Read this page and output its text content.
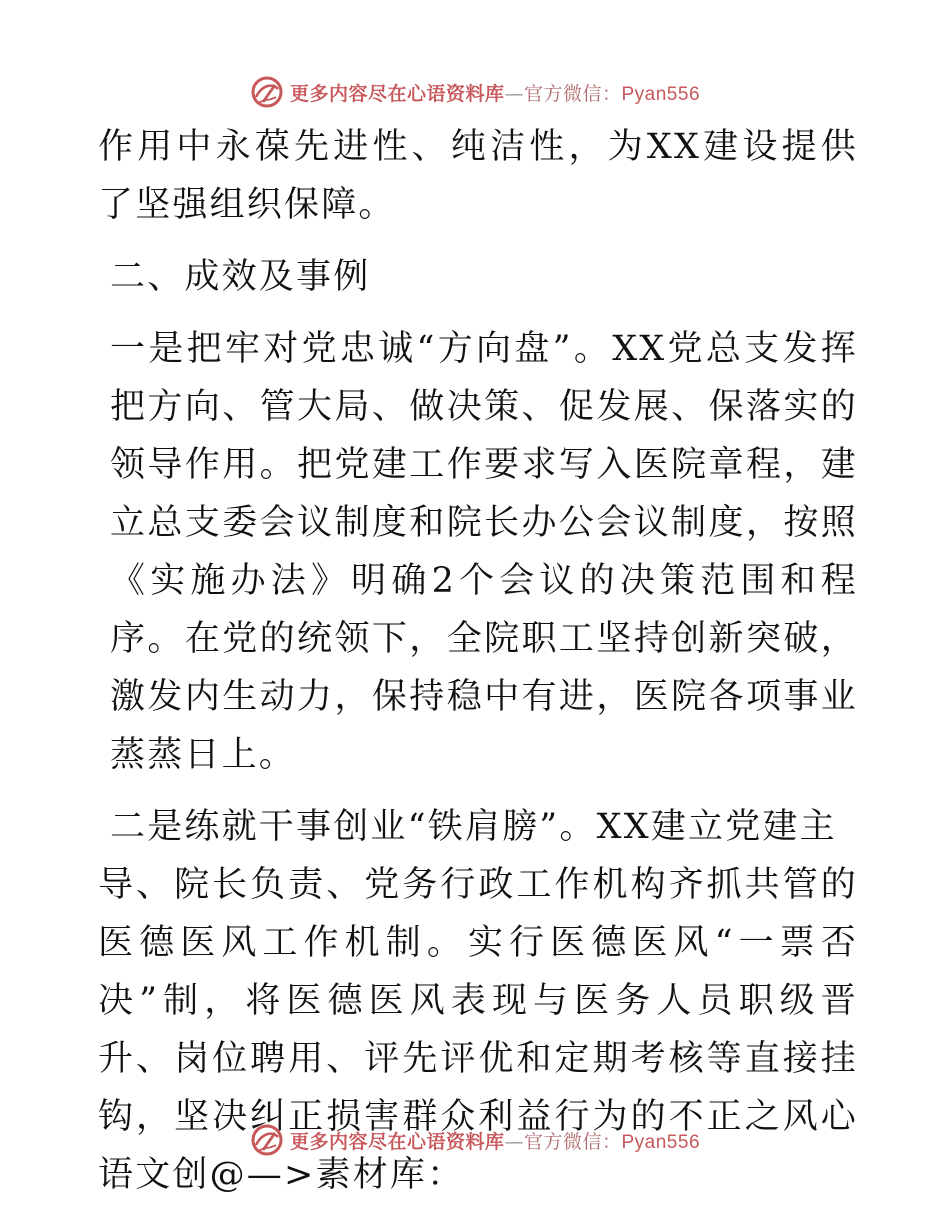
更多内容尽在心语资料库—官方微信：Pyan556

作用中永葆先进性、纯洁性，为XX建设提供了坚强组织保障。

二、成效及事例

一是把牢对党忠诚“方向盘”。XX党总支发挥把方向、管大局、做决策、促发展、保落实的领导作用。把党建工作要求写入医院章程，建立总支委会议制度和院长办公会议制度，按照《实施办法》明确2个会议的决策范围和程序。在党的统领下，全院职工坚持创新突破，激发内生动力，保持稳中有进，医院各项事业蒸蒸日上。

二是练就干事创业“铁肩膀”。XX建立党建主

导、院长负责、党务行政工作机构齐抓共管的医德医风工作机制。实行医德医风“一票否决”制，将医德医风表现与医务人员职级晋升、岗位聘用、评先评优和定期考核等直接挂钩，坚决纠正损害群众利益行为的不正之风心语文创@—>素材库：

更多内容尽在心语资料库—官方微信：Pyan556
